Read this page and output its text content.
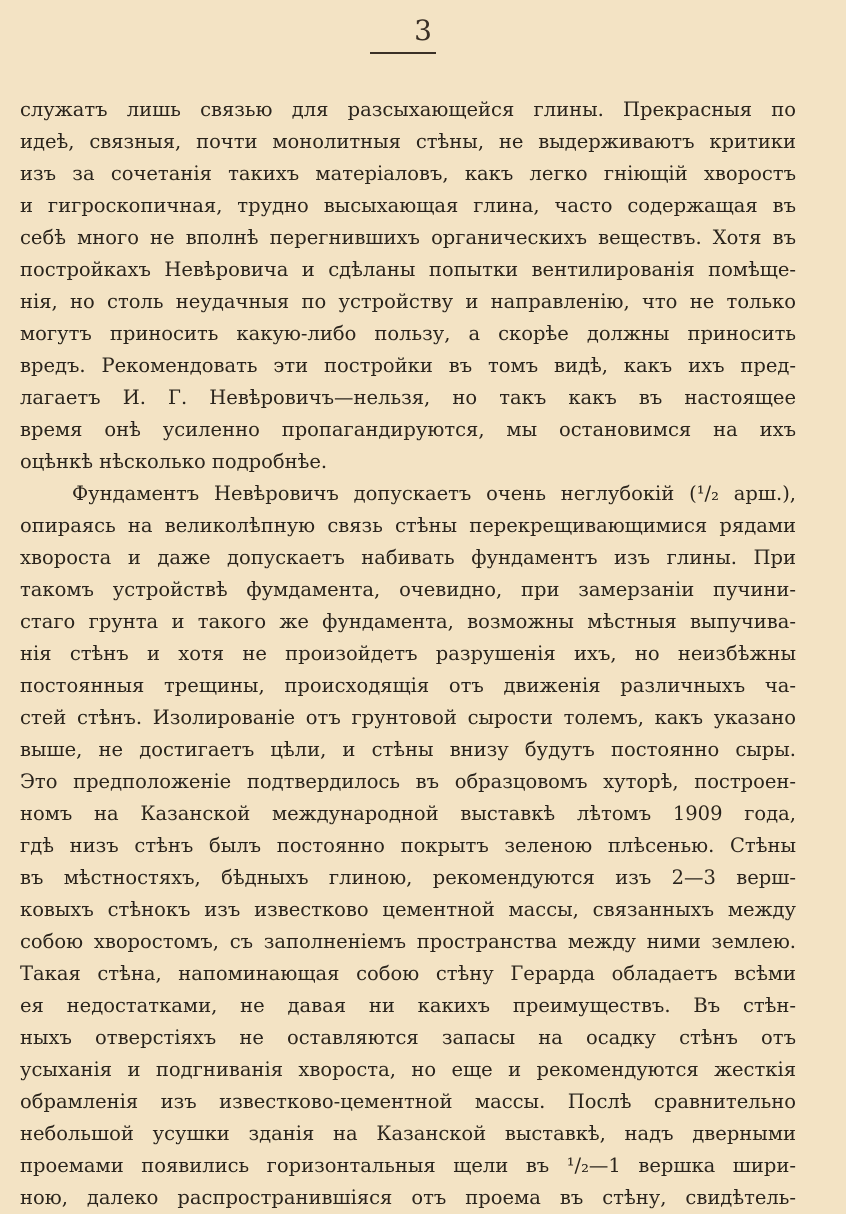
3
служатъ лишь связью для разсыхающейся глины. Прекрасныя по
идеѣ, связныя, почти монолитныя стѣны, не выдерживаютъ критики
изъ за сочетанія такихъ матеріаловъ, какъ легко гніющій хворостъ
и гигроскопичная, трудно высыхающая глина, часто содержащая въ
себѣ много не вполнѣ перегнившихъ органическихъ веществъ. Хотя въ
постройкахъ Невѣровича и сдѣланы попытки вентилированія помѣще-
нія, но столь неудачныя по устройству и направленію, что не только
могутъ приносить какую-либо пользу, а скорѣе должны приносить
вредъ. Рекомендовать эти постройки въ томъ видѣ, какъ ихъ пред-
лагаетъ И. Г. Невѣровичъ—нельзя, но такъ какъ въ настоящее
время онѣ усиленно пропагандируются, мы остановимся на ихъ
оцѣнкѣ нѣсколько подробнѣе.
Фундаментъ Невѣровичъ допускаетъ очень неглубокій (¹/₂ арш.),
опираясь на великолѣпную связь стѣны перекрещивающимися рядами
хвороста и даже допускаетъ набивать фундаментъ изъ глины. При
такомъ устройствѣ фумдамента, очевидно, при замерзаніи пучини-
стаго грунта и такого же фундамента, возможны мѣстныя выпучива-
нія стѣнъ и хотя не произойдетъ разрушенія ихъ, но неизбѣжны
постоянныя трещины, происходящія отъ движенія различныхъ ча-
стей стѣнъ. Изолированіе отъ грунтовой сырости толемъ, какъ указано
выше, не достигаетъ цѣли, и стѣны внизу будутъ постоянно сыры.
Это предположеніе подтвердилось въ образцовомъ хуторѣ, построен-
номъ на Казанской международной выставкѣ лѣтомъ 1909 года,
гдѣ низъ стѣнъ былъ постоянно покрытъ зеленою плѣсенью. Стѣны
въ мѣстностяхъ, бѣдныхъ глиною, рекомендуются изъ 2—3 верш-
ковыхъ стѣнокъ изъ известково цементной массы, связанныхъ между
собою хворостомъ, съ заполненіемъ пространства между ними землею.
Такая стѣна, напоминающая собою стѣну Герарда обладаетъ всѣми
ея недостатками, не давая ни какихъ преимуществъ. Въ стѣн-
ныхъ отверстіяхъ не оставляются запасы на осадку стѣнъ отъ
усыханія и подгниванія хвороста, но еще и рекомендуются жесткія
обрамленія изъ известково-цементной массы. Послѣ сравнительно
небольшой усушки зданія на Казанской выставкѣ, надъ дверными
проемами появились горизонтальныя щели въ ¹/₂—1 вершка шири-
ною, далеко распространившіяся отъ проема въ стѣну, свидѣтель-
